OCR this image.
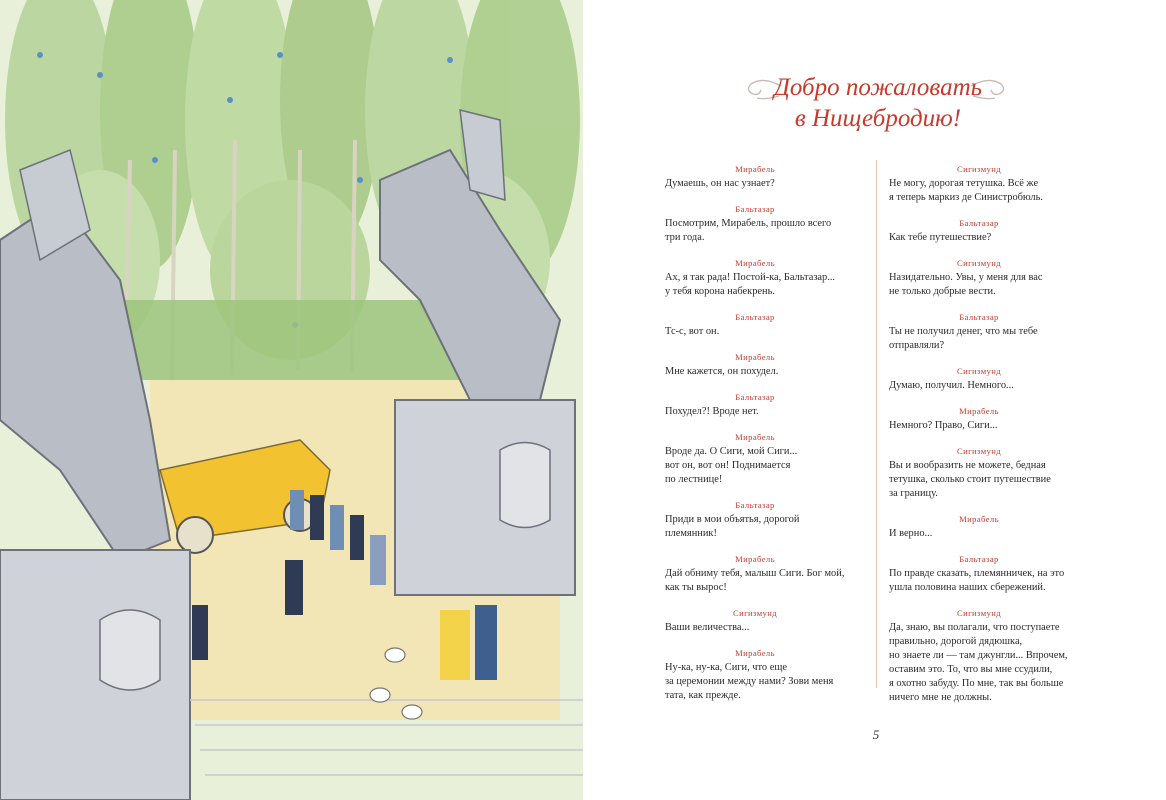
Добро пожаловать
в Нищебродию!
Мирабель
Думаешь, он нас узнает?
Бальтазар
Посмотрим, Мирабель, прошло всего
три года.
Мирабель
Ах, я так рада! Постой-ка, Бальтазар...
у тебя корона набекрень.
Бальтазар
Тс-с, вот он.
Мирабель
Мне кажется, он похудел.
Бальтазар
Похудел?! Вроде нет.
Мирабель
Вроде да. О Сиги, мой Сиги...
вот он, вот он! Поднимается
по лестнице!
Бальтазар
Приди в мои объятья, дорогой
племянник!
Мирабель
Дай обниму тебя, малыш Сиги. Бог мой,
как ты вырос!
Сигизмунд
Ваши величества...
Мирабель
Ну-ка, ну-ка, Сиги, что еще
за церемонии между нами? Зови меня
тата, как прежде.
Сигизмунд
Не могу, дорогая тетушка. Всё же
я теперь маркиз де Синистробюль.
Бальтазар
Как тебе путешествие?
Сигизмунд
Назидательно. Увы, у меня для вас
не только добрые вести.
Бальтазар
Ты не получил денег, что мы тебе
отправляли?
Сигизмунд
Думаю, получил. Немного...
Мирабель
Немного? Право, Сиги...
Сигизмунд
Вы и вообразить не можете, бедная
тетушка, сколько стоит путешествие
за границу.
Мирабель
И верно...
Бальтазар
По правде сказать, племянничек, на это
ушла половина наших сбережений.
Сигизмунд
Да, знаю, вы полагали, что поступаете
правильно, дорогой дядюшка,
но знаете ли — там джунгли... Впрочем,
оставим это. То, что вы мне ссудили,
я охотно забуду. По мне, так вы больше
ничего мне не должны.
5
